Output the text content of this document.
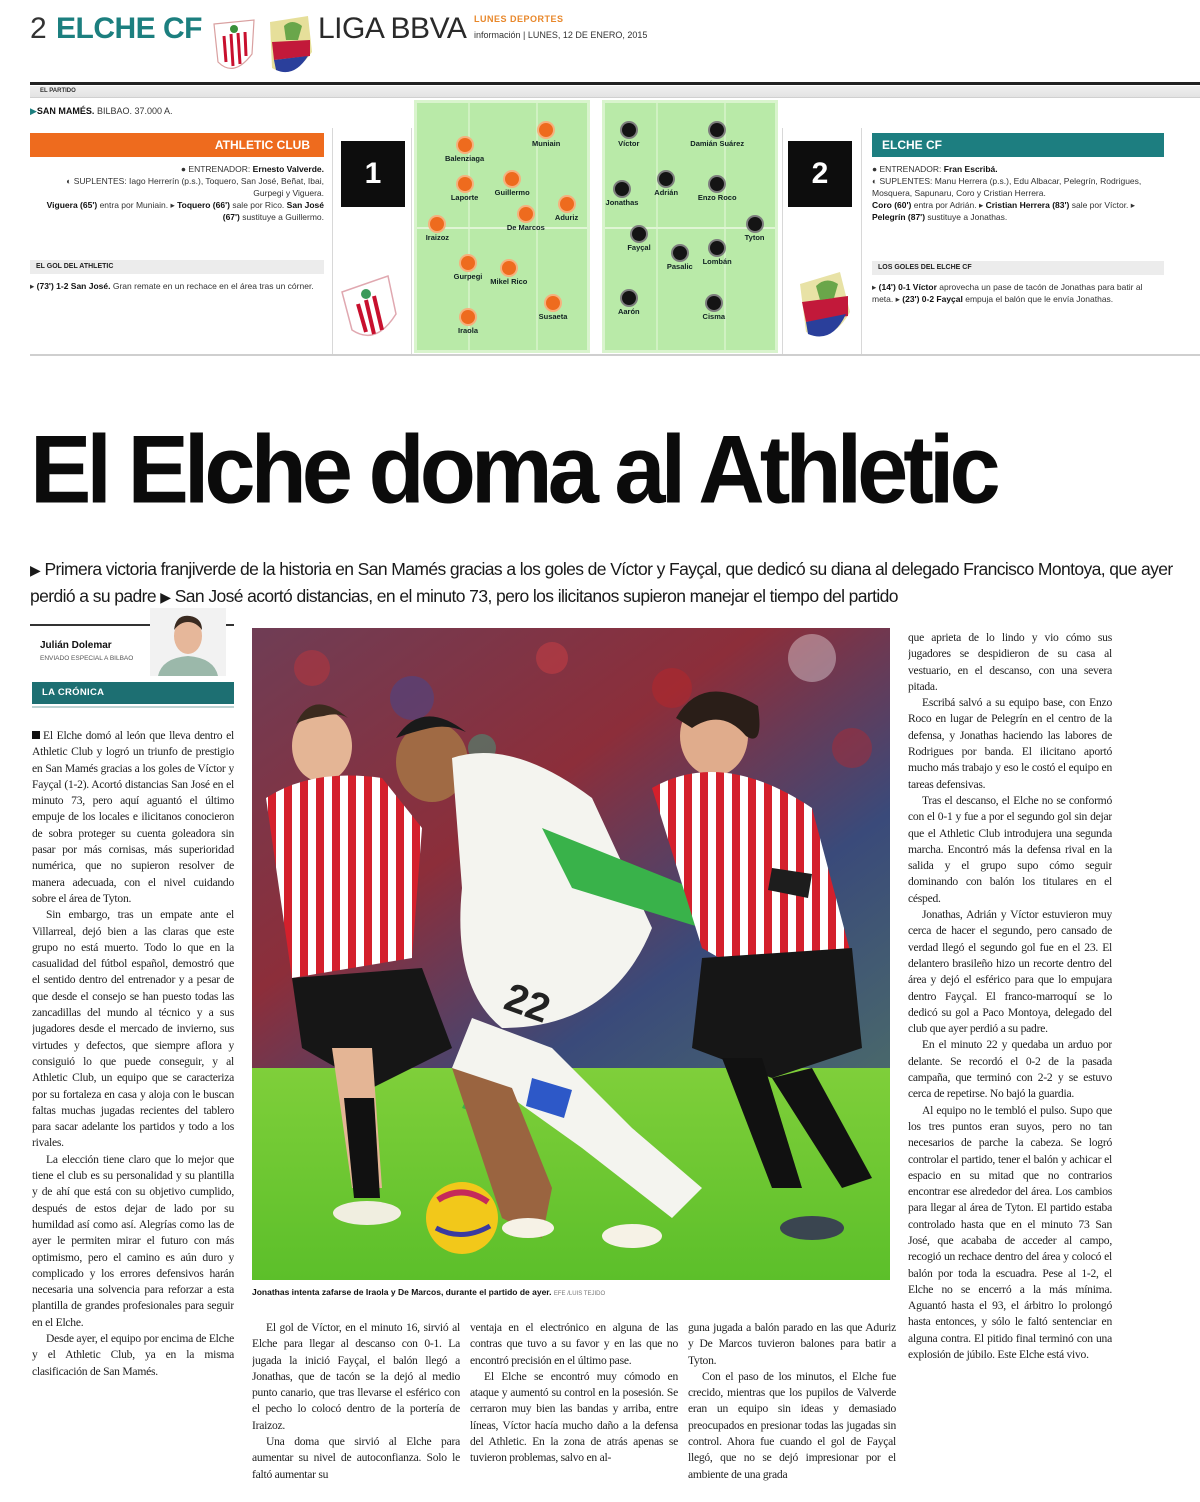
2 ELCHE CF	LIGA BBVA LUNES DEPORTES
información | LUNES, 12 DE ENERO, 2015
EL PARTIDO
▶SAN MAMÉS. BILBAO. 37.000 A.
ATHLETIC CLUB
● ENTRENADOR: Ernesto Valverde.
◐ SUPLENTES: Iago Herrerín (p.s.), Toquero, San José, Beñat, Ibai, Gurpegi y Viguera.
Viguera (65') entra por Muniain. ▸ Toquero (66') sale por Rico. San José (67') sustituye a Guillermo.
EL GOL DEL ATHLETIC
▸ (73') 1-2 San José. Gran remate en un rechace en el área tras un córner.
1	Balenziaga
Muniain
Laporte
Guillermo
Aduriz
De Marcos
Iraizoz
Gurpegi
Mikel Rico
Susaeta
Iraola
Víctor	Damián Suárez
Adrián
Enzo Roco
Jonathas
Tyton
Fayçal
Pasalic
Lombán
Aarón
Cisma
2
ELCHE CF
● ENTRENADOR: Fran Escribá.
◐ SUPLENTES: Manu Herrera (p.s.), Edu Albacar, Pelegrín, Rodrigues, Mosquera, Sapunaru, Coro y Cristian Herrera.
Coro (60') entra por Adrián. ▸ Cristian Herrera (83') sale por Víctor. ▸ Pelegrín (87') sustituye a Jonathas.
LOS GOLES DEL ELCHE CF
▸ (14') 0-1 Víctor aprovecha un pase de tacón de Jonathas para batir al meta. ▸ (23') 0-2 Fayçal empuja el balón que le envía Jonathas.
El Elche doma al Athletic
▶ Primera victoria franjiverde de la historia en San Mamés gracias a los goles de Víctor y Fayçal, que dedicó su diana al delegado Francisco Montoya, que ayer perdió a su padre ▶ San José acortó distancias, en el minuto 73, pero los ilicitanos supieron manejar el tiempo del partido
Julián Dolemar
ENVIADO ESPECIAL A BILBAO
LA CRÓNICA

El Elche domó al león que lleva dentro el Athletic Club y logró un triunfo de prestigio en San Mamés gracias a los goles de Víctor y Fayçal (1-2). Acortó distancias San José en el minuto 73, pero aquí aguantó el último empuje de los locales e ilicitanos conocieron de sobra proteger su cuenta goleadora sin pasar por más cornisas, más superioridad numérica, que no supieron resolver de manera adecuada, con el nivel cuidando sobre el área de Tyton.

Sin embargo, tras un empate ante el Villarreal, dejó bien a las claras que este grupo no está muerto. Todo lo que en la casualidad del fútbol español, demostró que el sentido dentro del entrenador y a pesar de que desde el consejo se han puesto todas las zancadillas del mundo al técnico y a sus jugadores desde el mercado de invierno, sus virtudes y defectos, que siempre aflora y consiguió lo que puede conseguir, y al Athletic Club, un equipo que se caracteriza por su fortaleza en casa y aloja con le buscan faltas muchas jugadas recientes del tablero para sacar adelante los partidos y todo a los rivales.

La elección tiene claro que lo mejor que tiene el club es su personalidad y su plantilla y de ahí que está con su objetivo cumplido, después de estos dejar de lado por su humildad así como así. Alegrías como las de ayer le permiten mirar el futuro con más optimismo, pero el camino es aún duro y complicado y los errores defensivos harán necesaria una solvencia para reforzar a esta plantilla de grandes profesionales para seguir en el Elche.

Desde ayer, el equipo por encima de Elche y el Athletic Club, ya en la misma clasificación de San Mamés.

22
Jonathas intenta zafarse de Iraola y De Marcos, durante el partido de ayer. EFE /LUIS TEJIDO

El gol de Víctor, en el minuto 16, sirvió al Elche para llegar al descanso con 0-1. La jugada la inició Fayçal, el balón llegó a Jonathas, que de tacón se la dejó al medio punto canario, que tras llevarse el esférico con el pecho lo colocó dentro de la portería de Iraizoz.

Una doma que sirvió al Elche para aumentar su nivel de autoconfianza. Solo le faltó aumentar su

ventaja en el electrónico en alguna de las contras que tuvo a su favor y en las que no encontró precisión en el último pase.

El Elche se encontró muy cómodo en ataque y aumentó su control en la posesión. Se cerraron muy bien las bandas y arriba, entre líneas, Víctor hacía mucho daño a la defensa del Athletic. En la zona de atrás apenas se tuvieron problemas, salvo en al-

guna jugada a balón parado en las que Aduriz y De Marcos tuvieron balones para batir a Tyton.

Con el paso de los minutos, el Elche fue crecido, mientras que los pupilos de Valverde eran un equipo sin ideas y demasiado preocupados en presionar todas las jugadas sin control. Ahora fue cuando el gol de Fayçal llegó, que no se dejó impresionar por el ambiente de una grada

que aprieta de lo lindo y vio cómo sus jugadores se despidieron de su casa al vestuario, en el descanso, con una severa pitada.

Escribá salvó a su equipo base, con Enzo Roco en lugar de Pelegrín en el centro de la defensa, y Jonathas haciendo las labores de Rodrigues por banda. El ilicitano aportó mucho más trabajo y eso le costó el equipo en tareas defensivas.

Tras el descanso, el Elche no se conformó con el 0-1 y fue a por el segundo gol sin dejar que el Athletic Club introdujera una segunda marcha. Encontró más la defensa rival en la salida y el grupo supo cómo seguir dominando con balón los titulares en el césped.

Jonathas, Adrián y Víctor estuvieron muy cerca de hacer el segundo, pero cansado de verdad llegó el segundo gol fue en el 23. El delantero brasileño hizo un recorte dentro del área y dejó el esférico para que lo empujara dentro Fayçal. El franco-marroquí se lo dedicó su gol a Paco Montoya, delegado del club que ayer perdió a su padre.

En el minuto 22 y quedaba un arduo por delante. Se recordó el 0-2 de la pasada campaña, que terminó con 2-2 y se estuvo cerca de repetirse. No bajó la guardia.

Al equipo no le tembló el pulso. Supo que los tres puntos eran suyos, pero no tan necesarios de parche la cabeza. Se logró controlar el partido, tener el balón y achicar el espacio en su mitad que no contrarios encontrar ese alrededor del área. Los cambios para llegar al área de Tyton. El partido estaba controlado hasta que en el minuto 73 San José, que acababa de acceder al campo, recogió un rechace dentro del área y colocó el balón por toda la escuadra. Pese al 1-2, el Elche no se encerró a la más mínima. Aguantó hasta el 93, el árbitro lo prolongó hasta entonces, y sólo le faltó sentenciar en alguna contra. El pitido final terminó con una explosión de júbilo. Este Elche está vivo.
